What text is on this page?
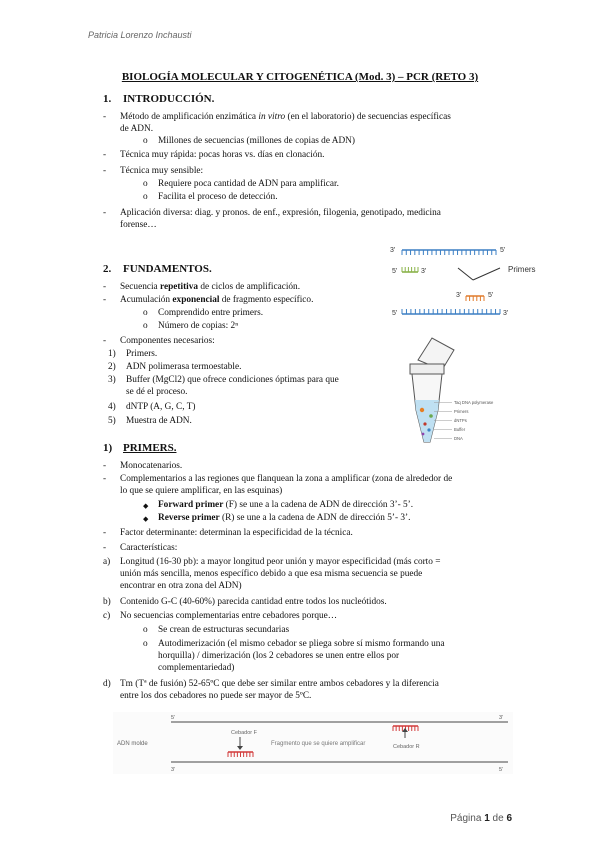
Patricia Lorenzo Inchausti
BIOLOGÍA MOLECULAR Y CITOGENÉTICA (Mod. 3) – PCR (RETO 3)
1. INTRODUCCIÓN.
- Método de amplificación enzimática in vitro (en el laboratorio) de secuencias específicas
de ADN.
o Millones de secuencias (millones de copias de ADN)
- Técnica muy rápida: pocas horas vs. días en clonación.
- Técnica muy sensible:
o Requiere poca cantidad de ADN para amplificar.
o Facilita el proceso de detección.
- Aplicación diversa: diag. y pronos. de enf., expresión, filogenia, genotipado, medicina
forense…
Primers
3’	5’
5’	3’
3’	5’
5’	3’
2. FUNDAMENTOS.
- Secuencia repetitiva de ciclos de amplificación.
- Acumulación exponencial de fragmento específico.
o Comprendido entre primers.
o Número de copias: 2ⁿ
- Componentes necesarios:
1) Primers.
2) ADN polimerasa termoestable.
3) Buffer (MgCl2) que ofrece condiciones óptimas para que
se dé el proceso.
4) dNTP (A, G, C, T)
5) Muestra de ADN.
Taq DNA polymerase
Primers
dNTPs
Buffer
DNA
1) PRIMERS.
- Monocatenarios.
- Complementarios a las regiones que flanquean la zona a amplificar (zona de alrededor de
lo que se quiere amplificar, en las esquinas)
◆ Forward primer (F) se une a la cadena de ADN de dirección 3’- 5’.
◆ Reverse primer (R) se une a la cadena de ADN de dirección 5’- 3’.
- Factor determinante: determinan la especificidad de la técnica.
- Características:
a) Longitud (16-30 pb): a mayor longitud peor unión y mayor especificidad (más corto =
unión más sencilla, menos específico debido a que esa misma secuencia se puede
encontrar en otra zona del ADN)
b) Contenido G-C (40-60%) parecida cantidad entre todos los nucleótidos.
c) No secuencias complementarias entre cebadores porque…
o Se crean de estructuras secundarias
o Autodimerización (el mismo cebador se pliega sobre sí mismo formando una
horquilla) / dimerización (los 2 cebadores se unen entre ellos por
complementariedad)
d) Tm (Tª de fusión) 52-65ºC que debe ser similar entre ambos cebadores y la diferencia
entre los dos cebadores no puede ser mayor de 5ºC.
5’	3’
3’	5’
ADN molde
Cebador F
Fragmento que se quiere amplificar	Cebador R
Página 1 de 6
